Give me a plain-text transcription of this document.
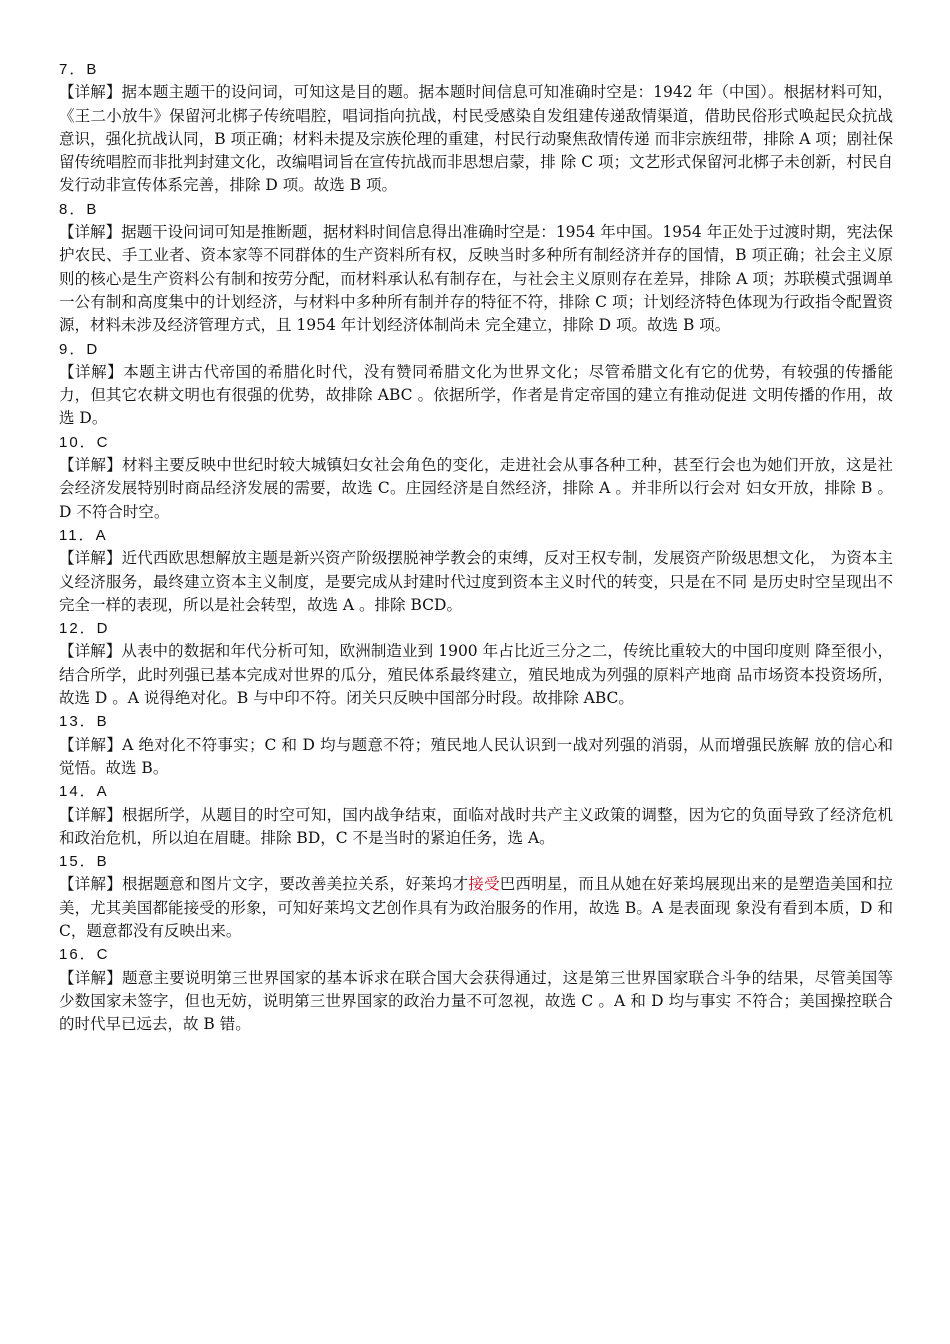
7．B

【详解】据本题主题干的设问词，可知这是目的题。据本题时间信息可知准确时空是：1942 年（中国）。根据材料可知，《王二小放牛》保留河北梆子传统唱腔，唱词指向抗战，村民受感染自发组建传递敌情渠道，借助民俗形式唤起民众抗战意识，强化抗战认同，B 项正确；材料未提及宗族伦理的重建，村民行动聚焦敌情传递 而非宗族纽带，排除 A 项；剧社保留传统唱腔而非批判封建文化，改编唱词旨在宣传抗战而非思想启蒙，排 除 C 项；文艺形式保留河北梆子未创新，村民自发行动非宣传体系完善，排除 D 项。故选 B 项。

8．B

【详解】据题干设问词可知是推断题，据材料时间信息得出准确时空是：1954 年中国。1954 年正处于过渡时期，宪法保护农民、手工业者、资本家等不同群体的生产资料所有权，反映当时多种所有制经济并存的国情，B 项正确；社会主义原则的核心是生产资料公有制和按劳分配，而材料承认私有制存在，与社会主义原则存在差异，排除 A 项；苏联模式强调单一公有制和高度集中的计划经济，与材料中多种所有制并存的特征不符，排除 C 项；计划经济特色体现为行政指令配置资源，材料未涉及经济管理方式，且 1954 年计划经济体制尚未 完全建立，排除 D 项。故选 B 项。

9．D

【详解】本题主讲古代帝国的希腊化时代，没有赞同希腊文化为世界文化；尽管希腊文化有它的优势，有较强的传播能力，但其它农耕文明也有很强的优势，故排除 ABC 。依据所学，作者是肯定帝国的建立有推动促进 文明传播的作用，故选 D。

10．C

【详解】材料主要反映中世纪时较大城镇妇女社会角色的变化，走进社会从事各种工种，甚至行会也为她们开放，这是社会经济发展特别时商品经济发展的需要，故选 C。庄园经济是自然经济，排除 A 。并非所以行会对 妇女开放，排除 B 。D 不符合时空。

11．A

【详解】近代西欧思想解放主题是新兴资产阶级摆脱神学教会的束缚，反对王权专制，发展资产阶级思想文化， 为资本主义经济服务，最终建立资本主义制度，是要完成从封建时代过度到资本主义时代的转变，只是在不同 是历史时空呈现出不完全一样的表现，所以是社会转型，故选 A 。排除 BCD。

12．D

【详解】从表中的数据和年代分析可知，欧洲制造业到 1900 年占比近三分之二，传统比重较大的中国印度则 降至很小，结合所学，此时列强已基本完成对世界的瓜分，殖民体系最终建立，殖民地成为列强的原料产地商 品市场资本投资场所，故选 D 。A 说得绝对化。B 与中印不符。闭关只反映中国部分时段。故排除 ABC。

13．B

【详解】A 绝对化不符事实；C 和 D 均与题意不符；殖民地人民认识到一战对列强的消弱，从而增强民族解 放的信心和觉悟。故选 B。

14．A

【详解】根据所学，从题目的时空可知，国内战争结束，面临对战时共产主义政策的调整，因为它的负面导致了经济危机和政治危机，所以迫在眉睫。排除 BD，C 不是当时的紧迫任务，选 A。

15．B

【详解】根据题意和图片文字，要改善美拉关系，好莱坞才接受巴西明星，而且从她在好莱坞展现出来的是塑造美国和拉美，尤其美国都能接受的形象，可知好莱坞文艺创作具有为政治服务的作用，故选 B。A 是表面现 象没有看到本质，D 和 C，题意都没有反映出来。

16．C

【详解】题意主要说明第三世界国家的基本诉求在联合国大会获得通过，这是第三世界国家联合斗争的结果，尽管美国等少数国家未签字，但也无妨，说明第三世界国家的政治力量不可忽视，故选 C 。A 和 D 均与事实 不符合；美国操控联合的时代早已远去，故 B 错。
